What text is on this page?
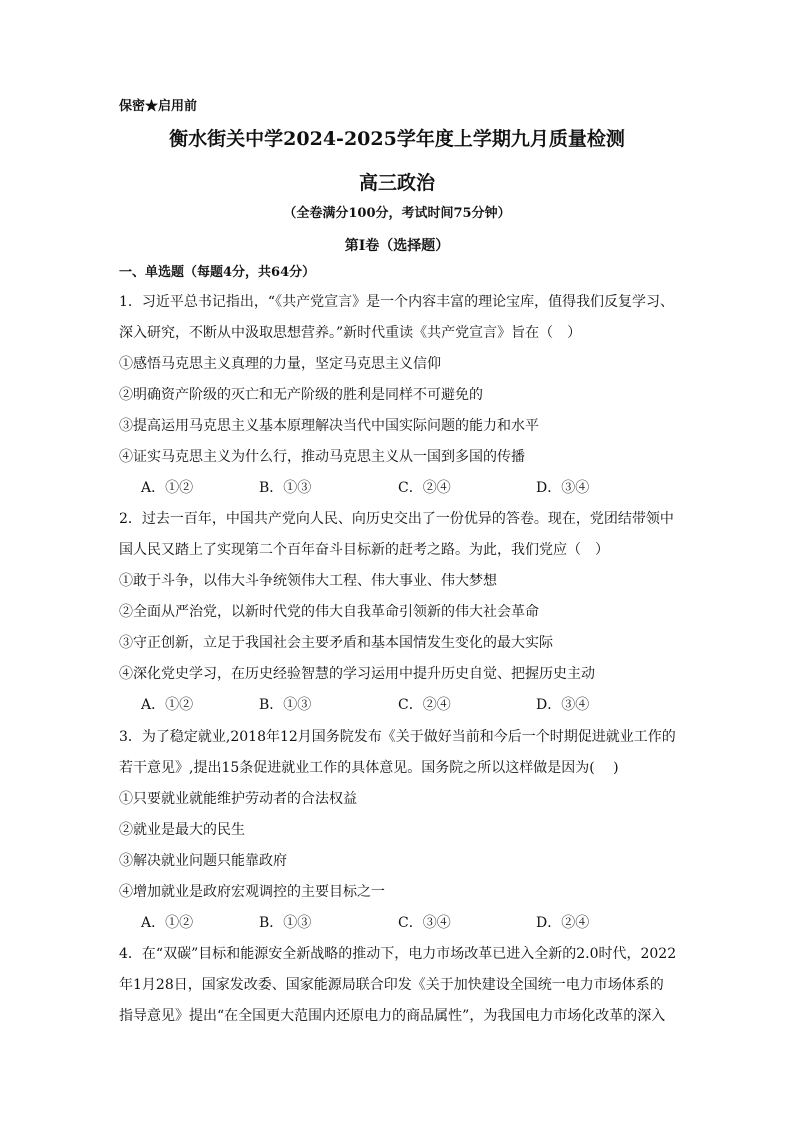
保密★启用前
衡水街关中学2024-2025学年度上学期九月质量检测
高三政治
（全卷满分100分，考试时间75分钟）
第Ⅰ卷（选择题）
一、单选题（每题4分，共64分）
1．习近平总书记指出，“《共产党宣言》是一个内容丰富的理论宝库，值得我们反复学习、
深入研究，不断从中汲取思想营养。”新时代重读《共产党宣言》旨在（　）
①感悟马克思主义真理的力量，坚定马克思主义信仰
②明确资产阶级的灭亡和无产阶级的胜利是同样不可避免的
③提高运用马克思主义基本原理解决当代中国实际问题的能力和水平
④证实马克思主义为什么行，推动马克思主义从一国到多国的传播
A．①②	B．①③	C．②④	D．③④
2．过去一百年，中国共产党向人民、向历史交出了一份优异的答卷。现在，党团结带领中
国人民又踏上了实现第二个百年奋斗目标新的赶考之路。为此，我们党应（　）
①敢于斗争，以伟大斗争统领伟大工程、伟大事业、伟大梦想
②全面从严治党，以新时代党的伟大自我革命引领新的伟大社会革命
③守正创新，立足于我国社会主要矛盾和基本国情发生变化的最大实际
④深化党史学习，在历史经验智慧的学习运用中提升历史自觉、把握历史主动
A．①②	B．①③	C．②④	D．③④
3．为了稳定就业,2018年12月国务院发布《关于做好当前和今后一个时期促进就业工作的
若干意见》,提出15条促进就业工作的具体意见。国务院之所以这样做是因为(　 )
①只要就业就能维护劳动者的合法权益
②就业是最大的民生
③解决就业问题只能靠政府
④增加就业是政府宏观调控的主要目标之一
A．①②	B．①③	C．③④	D．②④
4．在“双碳”目标和能源安全新战略的推动下，电力市场改革已进入全新的2.0时代，2022
年1月28日，国家发改委、国家能源局联合印发《关于加快建设全国统一电力市场体系的
指导意见》提出“在全国更大范围内还原电力的商品属性”，为我国电力市场化改革的深入
